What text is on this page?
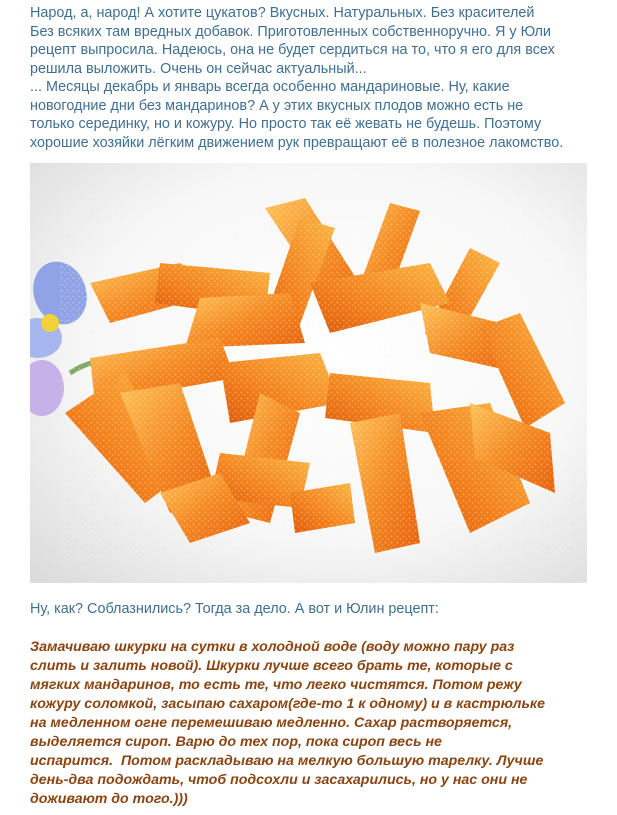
Народ, а, народ! А хотите цукатов? Вкусных. Натуральных. Без красителей

Без всяких там вредных добавок. Приготовленных собственноручно. Я у Юли

рецепт выпросила. Надеюсь, она не будет сердиться на то, что я его для всех

решила выложить. Очень он сейчас актуальный...

... Месяцы декабрь и январь всегда особенно мандариновые. Ну, какие

новогодние дни без мандаринов? А у этих вкусных плодов можно есть не

только серединку, но и кожуру. Но просто так её жевать не будешь. Поэтому

хорошие хозяйки лёгким движением рук превращают её в полезное лакомство.

Ну, как? Соблазнились? Тогда за дело. А вот и Юлин рецепт:

Замачиваю шкурки на сутки в холодной воде (воду можно пару раз

слить и залить новой). Шкурки лучше всего брать те, которые с

мягких мандаринов, то есть те, что легко чистятся. Потом режу

кожуру соломкой, засыпаю сахаром(где-то 1 к одному) и в кастрюльке

на медленном огне перемешиваю медленно. Сахар растворяется,

выделяется сироп. Варю до тех пор, пока сироп весь не

испарится.  Потом раскладываю на мелкую большую тарелку. Лучше

день-два подождать, чтоб подсохли и засахарились, но у нас они не

доживают до того.)))
